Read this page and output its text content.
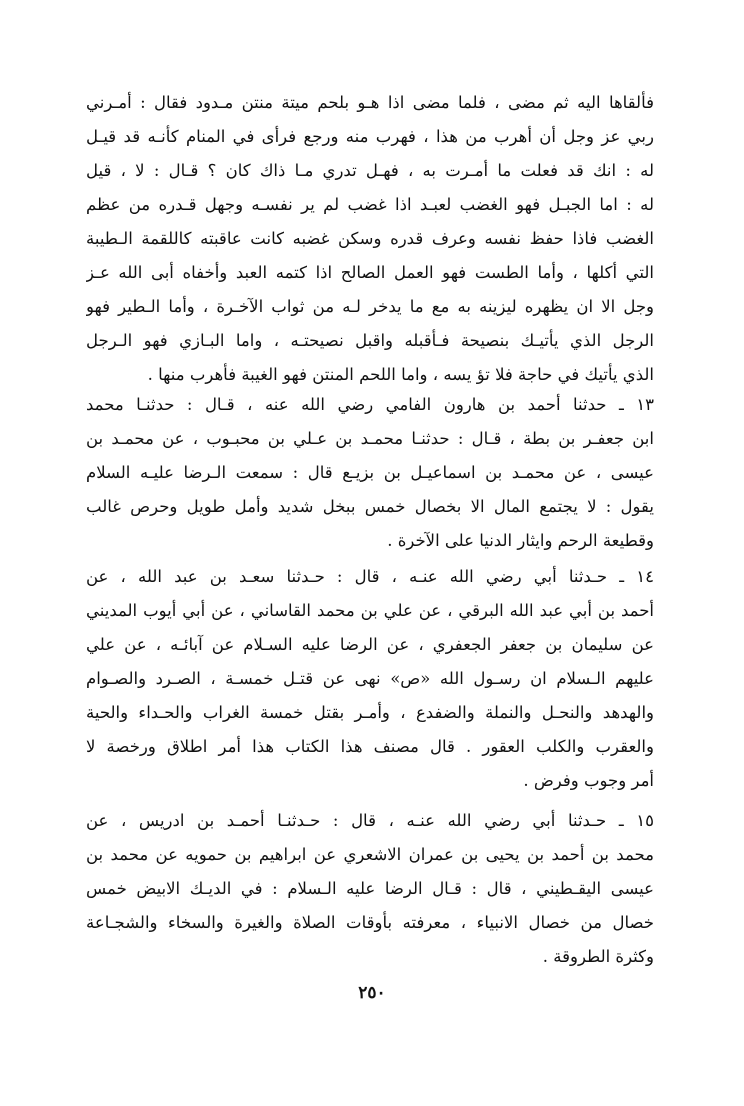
فألقاها اليه ثم مضى ، فلما مضى اذا هـو بلحم ميتة منتن مـدود فقال : أمـرني
ربي عز وجل أن أهرب من هذا ، فهرب منه ورجع فرأى في المنام كأنـه قد قيـل
له : انك قد فعلت ما أمـرت به ، فهـل تدري مـا ذاك كان ؟ قـال : لا ، قيل
له : اما الجبـل فهو الغضب لعبـد اذا غضب لم ير نفسـه وجهل قـدره من عظم
الغضب فاذا حفظ نفسه وعرف قدره وسكن غضبه كانت عاقبته كاللقمة الـطيبة
التي أكلها ، وأما الطست فهو العمل الصالح اذا كتمه العبد وأخفاه أبى الله عـز
وجل الا ان يظهره ليزينه به مع ما يدخر لـه من ثواب الآخـرة ، وأما الـطير فهو
الرجل الذي يأتيـك بنصيحة فـأقبله واقبل نصيحتـه ، واما البـازي فهو الـرجل
الذي يأتيك في حاجة فلا تؤ يسه ، واما اللحم المنتن فهو الغيبة فأهرب منها .
١٣ ـ حدثنا أحمد بن هارون الفامي رضي الله عنه ، قـال : حدثنـا محمد
ابن جعفـر بن بطة ، قـال : حدثنـا محمـد بن عـلي بن محبـوب ، عن محمـد بن
عيسى ، عن محمـد بن اسماعيـل بن بزيـع قال : سمعت الـرضا عليـه السلام
يقول : لا يجتمع المال الا بخصال خمس ببخل شديد وأمل طويل وحرص غالب
وقطيعة الرحم وايثار الدنيا على الآخرة .
١٤ ـ حـدثنا أبي رضي الله عنـه ، قال : حـدثنا سعـد بن عبد الله ، عن
أحمد بن أبي عبد الله البرقي ، عن علي بن محمد القاساني ، عن أبي أيوب المديني
عن سليمان بن جعفر الجعفري ، عن الرضا عليه السـلام عن آبائـه ، عن علي
عليهم الـسلام ان رسـول الله «ص» نهى عن قتـل خمسـة ، الصـرد والصـوام
والهدهد والنحـل والنملة والضفدع ، وأمـر بقتل خمسة الغراب والحـداء والحية
والعقرب والكلب العقور . قال مصنف هذا الكتاب هذا أمر اطلاق ورخصة لا
أمر وجوب وفرض .
١٥ ـ حـدثنا أبي رضي الله عنـه ، قال : حـدثنـا أحمـد بن ادريس ، عن
محمد بن أحمد بن يحيى بن عمران الاشعري عن ابراهيم بن حمويه عن محمد بن
عيسى اليقـطيني ، قال : قـال الرضا عليه الـسلام : في الديـك الابيض خمس
خصال من خصال الانبياء ، معرفته بأوقات الصلاة والغيرة والسخاء والشجـاعة
وكثرة الطروقة .
٢٥٠
